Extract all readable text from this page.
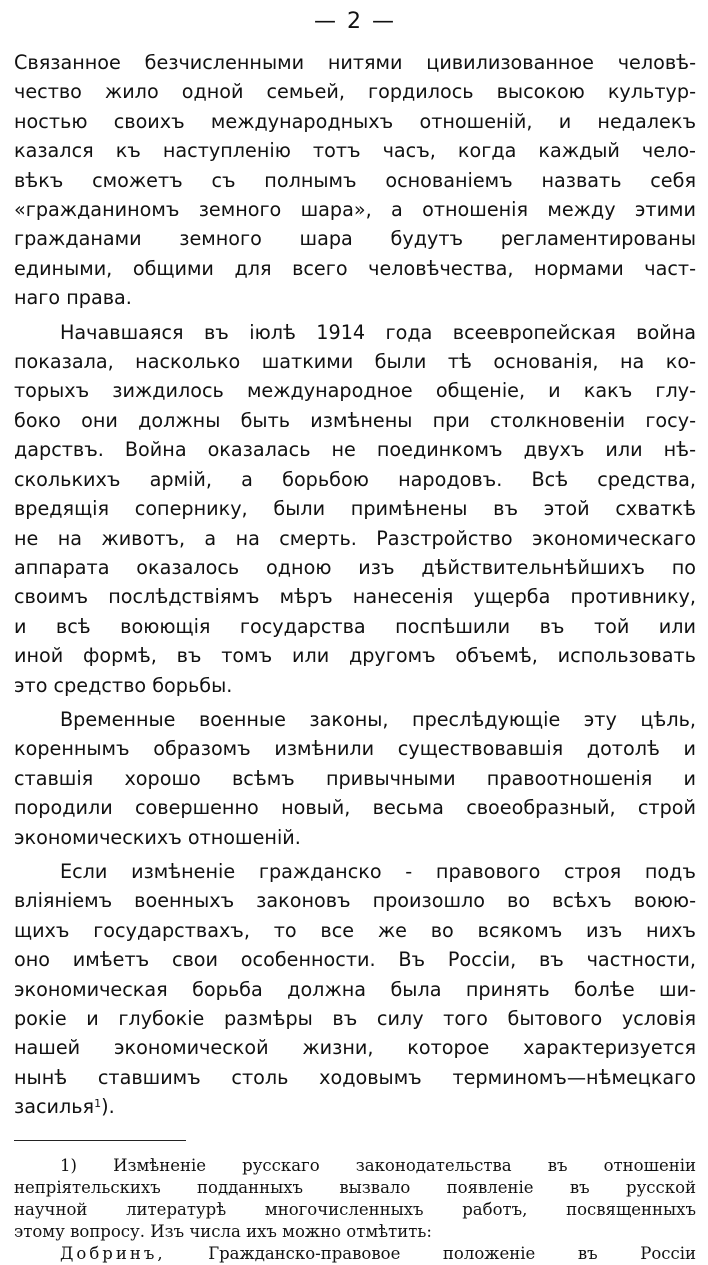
— 2 —
Связанное безчисленными нитями цивилизованное человѣ-
чество жило одной семьей, гордилось высокою культур-
ностью своихъ международныхъ отношеній, и недалекъ
казался къ наступленію тотъ часъ, когда каждый чело-
вѣкъ сможетъ съ полнымъ основаніемъ назвать себя
«гражданиномъ земного шара», а отношенія между этими
гражданами земного шара будутъ регламентированы
едиными, общими для всего человѣчества, нормами част-
наго права.
Начавшаяся въ іюлѣ 1914 года всеевропейская война
показала, насколько шаткими были тѣ основанія, на ко-
торыхъ зиждилось международное общеніе, и какъ глу-
боко они должны быть измѣнены при столкновеніи госу-
дарствъ. Война оказалась не поединкомъ двухъ или нѣ-
сколькихъ армій, а борьбою народовъ. Всѣ средства,
вредящія сопернику, были примѣнены въ этой схваткѣ
не на животъ, а на смерть. Разстройство экономическаго
аппарата оказалось одною изъ дѣйствительнѣйшихъ по
своимъ послѣдствіямъ мѣръ нанесенія ущерба противнику,
и всѣ воюющія государства поспѣшили въ той или
иной формѣ, въ томъ или другомъ объемѣ, использовать
это средство борьбы.
Временные военные законы, преслѣдующіе эту цѣль,
кореннымъ образомъ измѣнили существовавшія дотолѣ и
ставшія хорошо всѣмъ привычными правоотношенія и
породили совершенно новый, весьма своеобразный, строй
экономическихъ отношеній.
Если измѣненіе гражданско - правового строя подъ
вліяніемъ военныхъ законовъ произошло во всѣхъ воюю-
щихъ государствахъ, то все же во всякомъ изъ нихъ
оно имѣетъ свои особенности. Въ Россіи, въ частности,
экономическая борьба должна была принять болѣе ши-
рокіе и глубокіе размѣры въ силу того бытового условія
нашей экономической жизни, которое характеризуется
нынѣ ставшимъ столь ходовымъ терминомъ—нѣмецкаго
засилья$^1$).
1) Измѣненіе русскаго законодательства въ отношеніи
непріятельскихъ подданныхъ вызвало появленіе въ русской
научной литературѣ многочисленныхъ работъ, посвященныхъ
этому вопросу. Изъ числа ихъ можно отмѣтить:
Добринъ,	Гражданско-правовое положеніе въ Россіи
